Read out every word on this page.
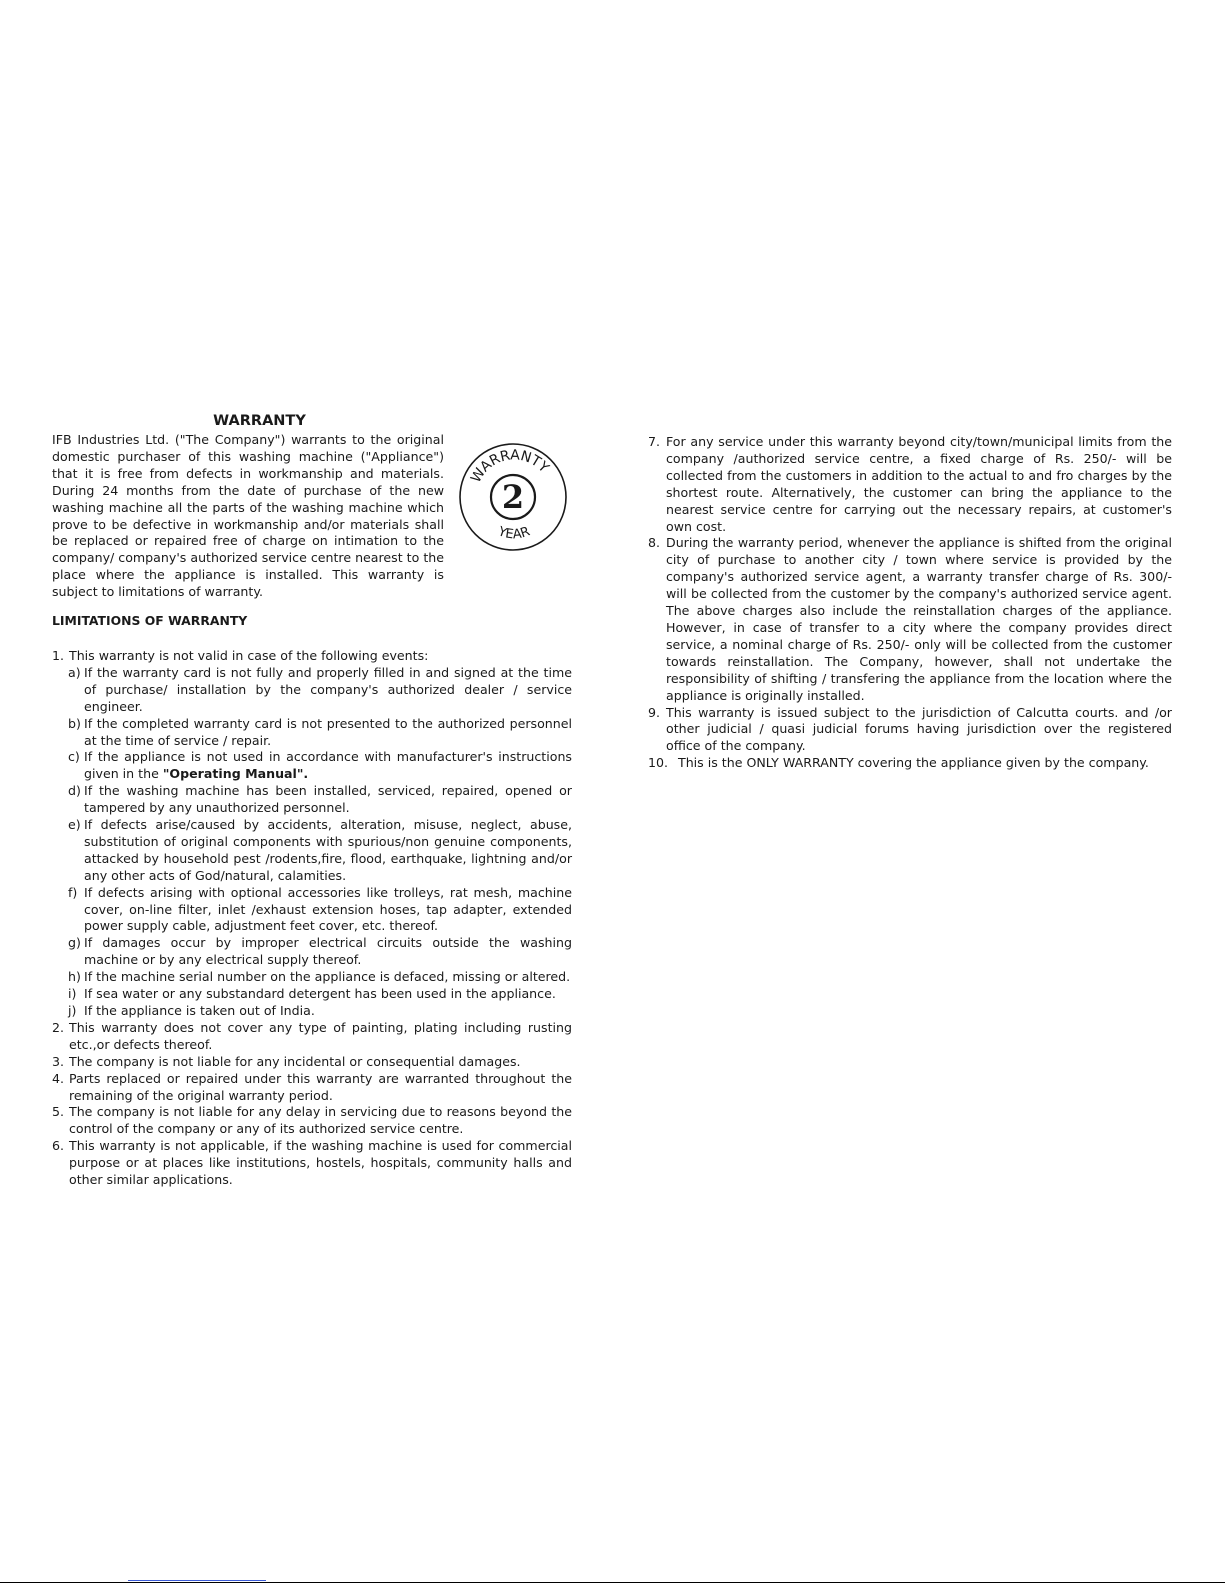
WARRANTY

IFB Industries Ltd. ("The Company") warrants to the original domestic purchaser of this washing machine ("Appliance") that it is free from defects in workmanship and materials. During 24 months from the date of purchase of the new washing machine all the parts of the washing machine which prove to be defective in workmanship and/or materials shall be replaced or repaired free of charge on intimation to the company/ company's authorized service centre nearest to the place where the appliance is installed. This warranty is subject to limitations of warranty.

LIMITATIONS OF WARRANTY
1. This warranty is not valid in case of the following events:
a) If the warranty card is not fully and properly filled in and signed at the time of purchase/ installation by the company's authorized dealer / service engineer.
b) If the completed warranty card is not presented to the authorized personnel at the time of service / repair.
c) If the appliance is not used in accordance with manufacturer's instructions given in the "Operating Manual".
d) If the washing machine has been installed, serviced, repaired, opened or tampered by any unauthorized personnel.
e) If defects arise/caused by accidents, alteration, misuse, neglect, abuse, substitution of original components with spurious/non genuine components, attacked by household pest /rodents,fire, flood, earthquake, lightning and/or any other acts of God/natural, calamities.
f) If defects arising with optional accessories like trolleys, rat mesh, machine cover, on-line filter, inlet /exhaust extension hoses, tap adapter, extended power supply cable, adjustment feet cover, etc. thereof.
g) If damages occur by improper electrical circuits outside the washing machine or by any electrical supply thereof.
h) If the machine serial number on the appliance is defaced, missing or altered.
i) If sea water or any substandard detergent has been used in the appliance.
j) If the appliance is taken out of India.
2. This warranty does not cover any type of painting, plating including rusting etc.,or defects thereof.
3. The company is not liable for any incidental or consequential damages.
4. Parts replaced or repaired under this warranty are warranted throughout the remaining of the original warranty period.
5. The company is not liable for any delay in servicing due to reasons beyond the control of the company or any of its authorized service centre.
6. This warranty is not applicable, if the washing machine is used for commercial purpose or at places like institutions, hostels, hospitals, community halls and other similar applications.
WARRANTY
2
YEAR
7. For any service under this warranty beyond city/town/municipal limits from the company /authorized service centre, a fixed charge of Rs. 250/- will be collected from the customers in addition to the actual to and fro charges by the shortest route. Alternatively, the customer can bring the appliance to the nearest service centre for carrying out the necessary repairs, at customer's own cost.
8. During the warranty period, whenever the appliance is shifted from the original city of purchase to another city / town where service is provided by the company's authorized service agent, a warranty transfer charge of Rs. 300/- will be collected from the customer by the company's authorized service agent. The above charges also include the reinstallation charges of the appliance. However, in case of transfer to a city where the company provides direct service, a nominal charge of Rs. 250/- only will be collected from the customer towards reinstallation. The Company, however, shall not undertake the responsibility of shifting / transfering the appliance from the location where the appliance is originally installed.
9. This warranty is issued subject to the jurisdiction of Calcutta courts. and /or other judicial / quasi judicial forums having jurisdiction over the registered office of the company.
10. This is the ONLY WARRANTY covering the appliance given by the company.
